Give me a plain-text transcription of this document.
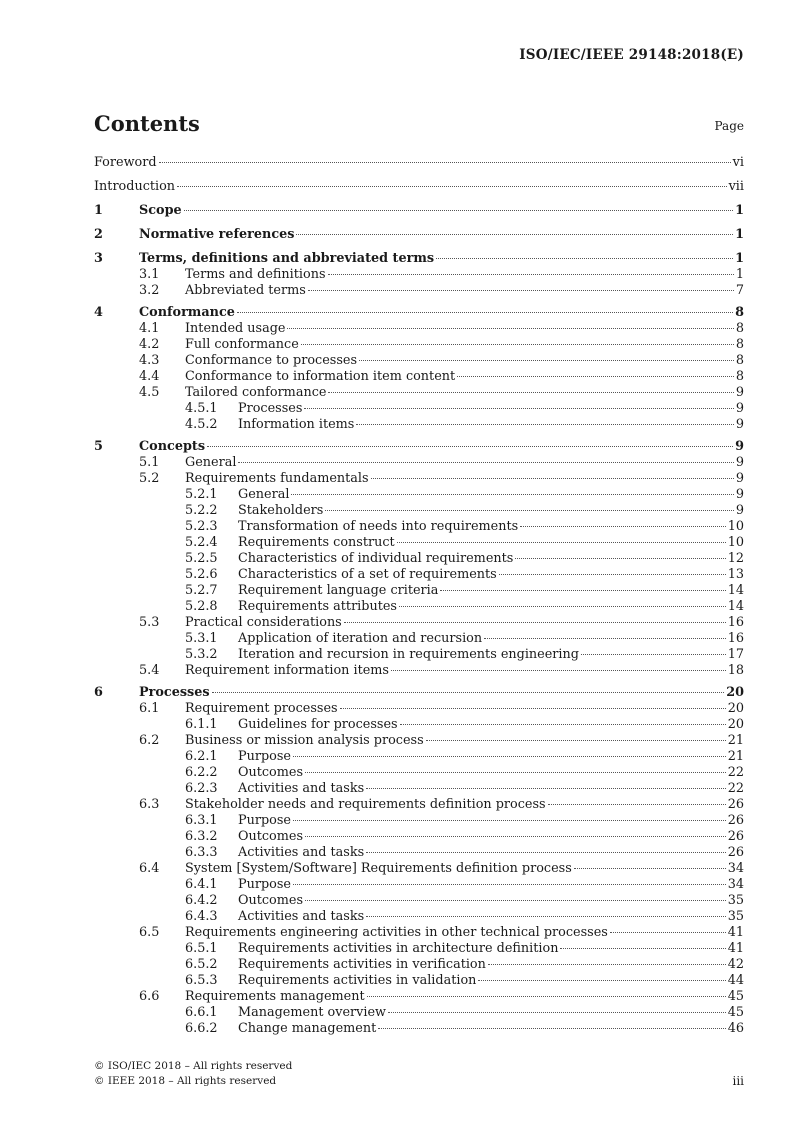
ISO/IEC/IEEE 29148:2018(E)
Contents	Page
Foreword	vi
Introduction	vii
1	Scope	1
2	Normative references	1
3	Terms, definitions and abbreviated terms	1
3.1 Terms and definitions	1
3.2 Abbreviated terms	7
4	Conformance	8
4.1 Intended usage	8
4.2 Full conformance	8
4.3 Conformance to processes	8
4.4 Conformance to information item content	8
4.5 Tailored conformance	9
4.5.1 Processes	9
4.5.2 Information items	9
5	Concepts	9
5.1 General	9
5.2 Requirements fundamentals	9
5.2.1 General	9
5.2.2 Stakeholders	9
5.2.3 Transformation of needs into requirements	10
5.2.4 Requirements construct	10
5.2.5 Characteristics of individual requirements	12
5.2.6 Characteristics of a set of requirements	13
5.2.7 Requirement language criteria	14
5.2.8 Requirements attributes	14
5.3 Practical considerations	16
5.3.1 Application of iteration and recursion	16
5.3.2 Iteration and recursion in requirements engineering	17
5.4 Requirement information items	18
6	Processes	20
6.1 Requirement processes	20
6.1.1 Guidelines for processes	20
6.2 Business or mission analysis process	21
6.2.1 Purpose	21
6.2.2 Outcomes	22
6.2.3 Activities and tasks	22
6.3 Stakeholder needs and requirements definition process	26
6.3.1 Purpose	26
6.3.2 Outcomes	26
6.3.3 Activities and tasks	26
6.4 System [System/Software] Requirements definition process	34
6.4.1 Purpose	34
6.4.2 Outcomes	35
6.4.3 Activities and tasks	35
6.5 Requirements engineering activities in other technical processes	41
6.5.1 Requirements activities in architecture definition	41
6.5.2 Requirements activities in verification	42
6.5.3 Requirements activities in validation	44
6.6 Requirements management	45
6.6.1 Management overview	45
6.6.2 Change management	46
© ISO/IEC 2018 – All rights reserved
© IEEE 2018 – All rights reserved	iii
